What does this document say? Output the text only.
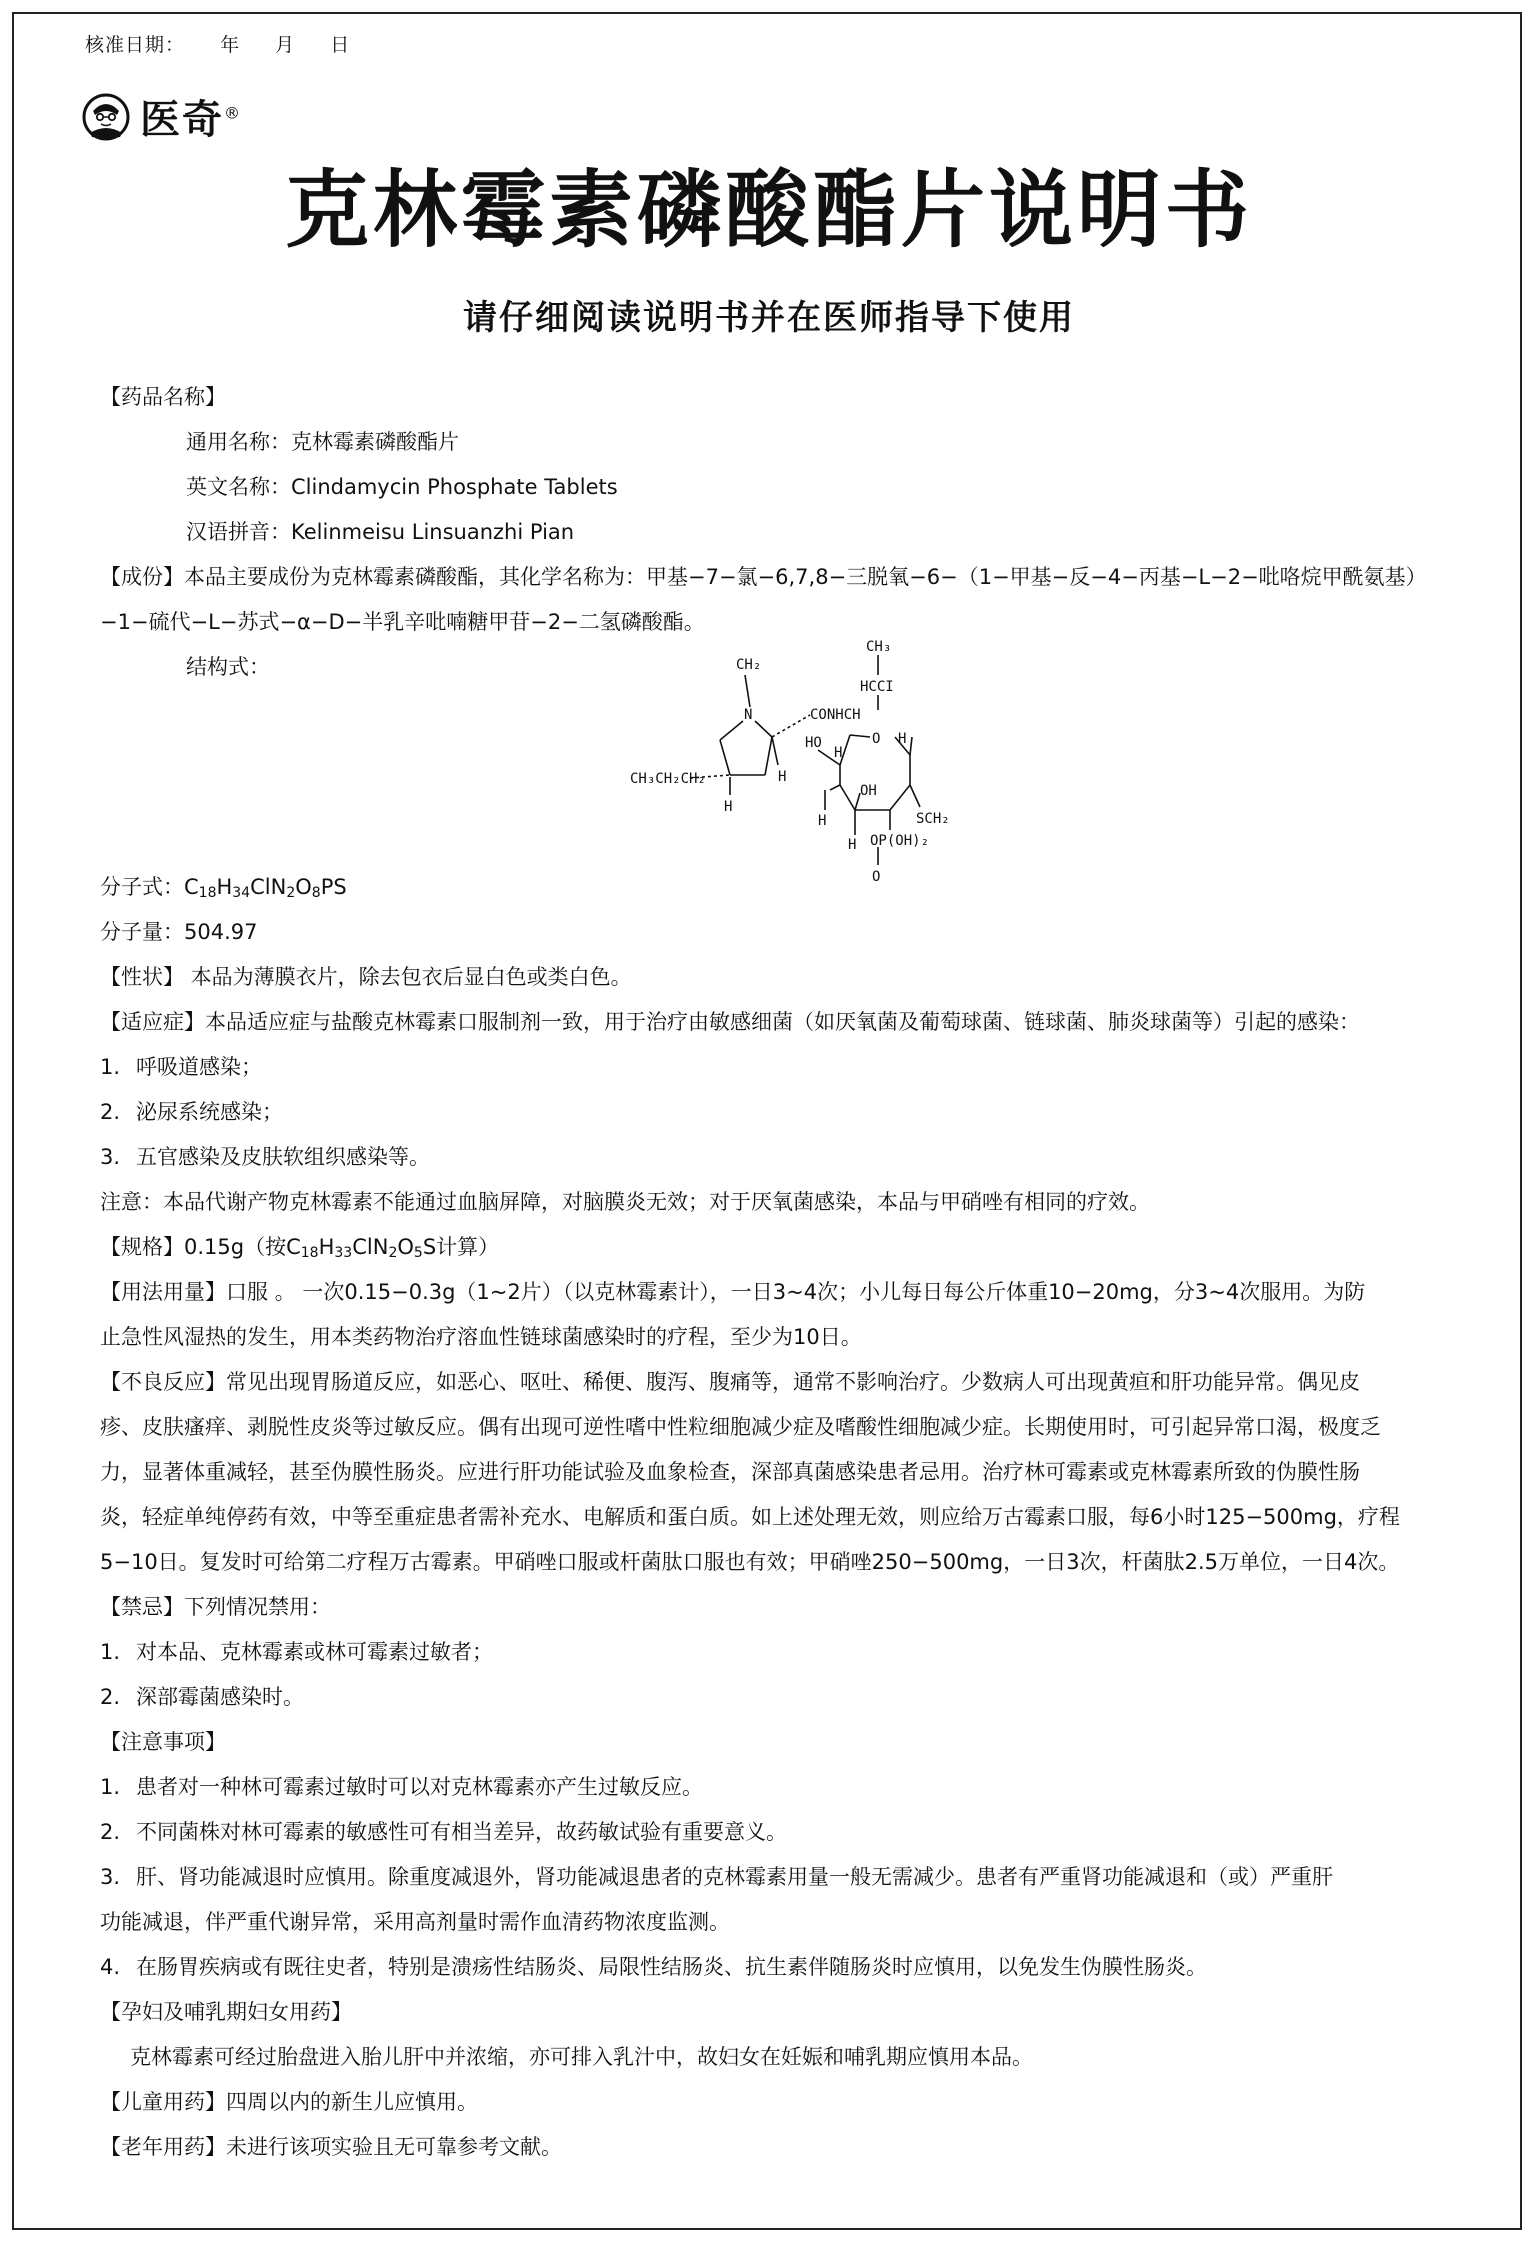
核准日期： 年 月 日
医奇®
克林霉素磷酸酯片说明书
请仔细阅读说明书并在医师指导下使用

【药品名称】

通用名称：克林霉素磷酸酯片

英文名称：Clindamycin Phosphate Tablets

汉语拼音：Kelinmeisu Linsuanzhi Pian

【成份】本品主要成份为克林霉素磷酸酯，其化学名称为：甲基−7−氯−6,7,8−三脱氧−6−（1−甲基−反−4−丙基−L−2−吡咯烷甲酰氨基）

−1−硫代−L−苏式−α−D−半乳辛吡喃糖甲苷−2−二氢磷酸酯。

结构式：	CH₂
N
CH₃CH₂CH₂
H
H
CONHCH
CH₃
HCCI
HO	O H
H
OH
H
H
SCH₂
OP(OH)₂
O

分子式：$C_{18}H_{34}ClN_2O_8PS$

分子量：504.97

【性状】 本品为薄膜衣片，除去包衣后显白色或类白色。

【适应症】本品适应症与盐酸克林霉素口服制剂一致，用于治疗由敏感细菌（如厌氧菌及葡萄球菌、链球菌、肺炎球菌等）引起的感染：

1. 呼吸道感染；

2. 泌尿系统感染；

3. 五官感染及皮肤软组织感染等。

注意：本品代谢产物克林霉素不能通过血脑屏障，对脑膜炎无效；对于厌氧菌感染，本品与甲硝唑有相同的疗效。

【规格】0.15g（按$C_{18}H_{33}ClN_2O_5S$计算）

【用法用量】口服 。 一次0.15−0.3g（1~2片）（以克林霉素计），一日3~4次；小儿每日每公斤体重10−20mg，分3~4次服用。为防

止急性风湿热的发生，用本类药物治疗溶血性链球菌感染时的疗程，至少为10日。

【不良反应】常见出现胃肠道反应，如恶心、呕吐、稀便、腹泻、腹痛等，通常不影响治疗。少数病人可出现黄疸和肝功能异常。偶见皮

疹、皮肤瘙痒、剥脱性皮炎等过敏反应。偶有出现可逆性嗜中性粒细胞减少症及嗜酸性细胞减少症。长期使用时，可引起异常口渴，极度乏

力，显著体重减轻，甚至伪膜性肠炎。应进行肝功能试验及血象检查，深部真菌感染患者忌用。治疗林可霉素或克林霉素所致的伪膜性肠

炎，轻症单纯停药有效，中等至重症患者需补充水、电解质和蛋白质。如上述处理无效，则应给万古霉素口服，每6小时125−500mg，疗程

5−10日。复发时可给第二疗程万古霉素。甲硝唑口服或杆菌肽口服也有效；甲硝唑250−500mg，一日3次，杆菌肽2.5万单位，一日4次。

【禁忌】下列情况禁用：

1. 对本品、克林霉素或林可霉素过敏者；

2. 深部霉菌感染时。

【注意事项】

1. 患者对一种林可霉素过敏时可以对克林霉素亦产生过敏反应。

2. 不同菌株对林可霉素的敏感性可有相当差异，故药敏试验有重要意义。

3. 肝、肾功能减退时应慎用。除重度减退外，肾功能减退患者的克林霉素用量一般无需减少。患者有严重肾功能减退和（或）严重肝

功能减退，伴严重代谢异常，采用高剂量时需作血清药物浓度监测。

4. 在肠胃疾病或有既往史者，特别是溃疡性结肠炎、局限性结肠炎、抗生素伴随肠炎时应慎用，以免发生伪膜性肠炎。

【孕妇及哺乳期妇女用药】

克林霉素可经过胎盘进入胎儿肝中并浓缩，亦可排入乳汁中，故妇女在妊娠和哺乳期应慎用本品。

【儿童用药】四周以内的新生儿应慎用。

【老年用药】未进行该项实验且无可靠参考文献。
